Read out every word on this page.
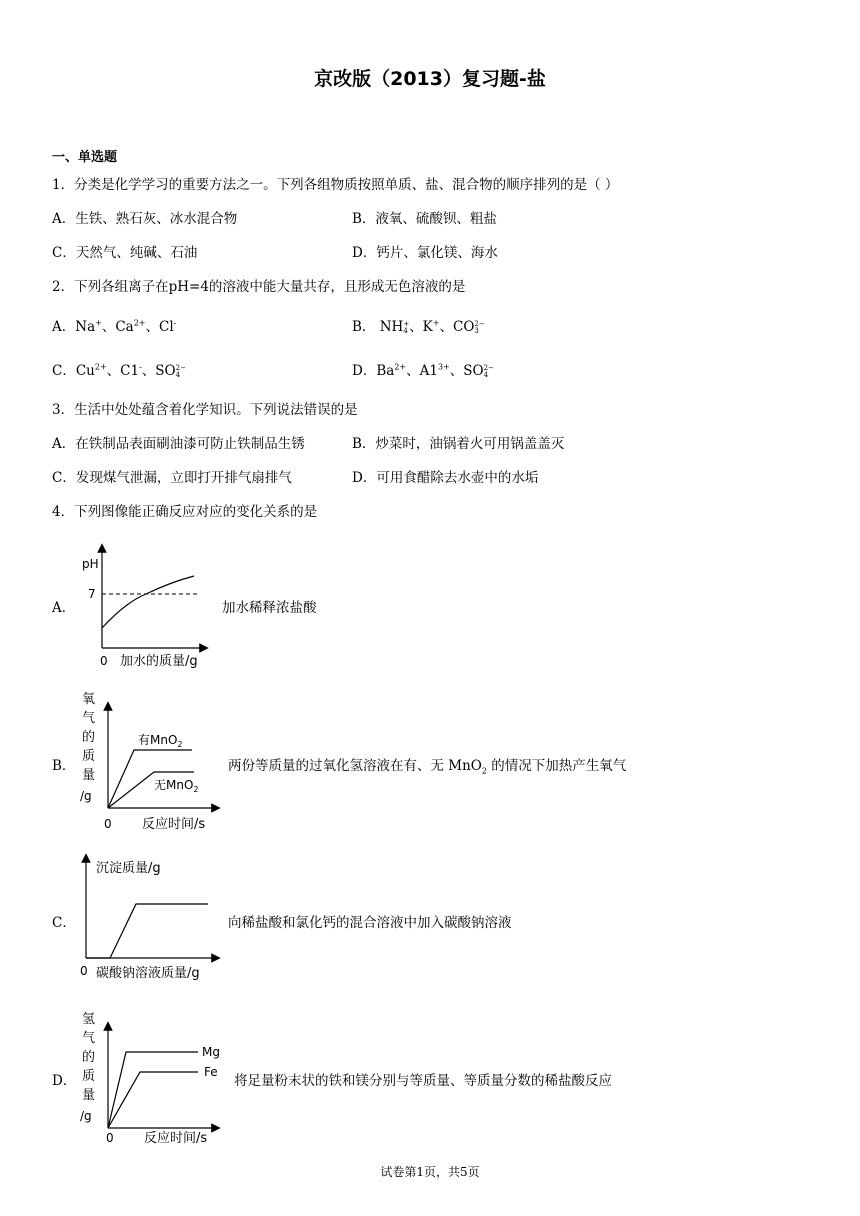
京改版（2013）复习题-盐
一、单选题
1．分类是化学学习的重要方法之一。下列各组物质按照单质、盐、混合物的顺序排列的是（ ）
A．生铁、熟石灰、冰水混合物	B．液氧、硫酸钡、粗盐
C．天然气、纯碱、石油	D．钙片、氯化镁、海水
2．下列各组离子在pH=4的溶液中能大量共存，且形成无色溶液的是
A．Na+、$Ca^{2+}$、Cl-	B． NH+
4、K+、CO2−
3
C．$Cu^{2+}$、C1-、SO2−
4	D．$Ba^{2+}$、$A1^{3+}$、SO2−
4
3．生活中处处蕴含着化学知识。下列说法错误的是
A．在铁制品表面刷油漆可防止铁制品生锈	B．炒菜时，油锅着火可用锅盖盖灭
C．发现煤气泄漏，立即打开排气扇排气	D．可用食醋除去水壶中的水垢
4．下列图像能正确反应对应的变化关系的是
A．
pH
7
0 加水的质量/g
加水稀释浓盐酸
B．
氧
气
的
质
量
/g
有MnO$_2$
无MnO$_2$
0 反应时间/s
两份等质量的过氧化氢溶液在有、无 MnO$_2$ 的情况下加热产生氧气
C．
沉淀质量/g
0 碳酸钠溶液质量/g
向稀盐酸和氯化钙的混合溶液中加入碳酸钠溶液
D．
氢
气
的
质
量
/g
Mg
Fe
0 反应时间/s
将足量粉末状的铁和镁分别与等质量、等质量分数的稀盐酸反应
试卷第1页，共5页
